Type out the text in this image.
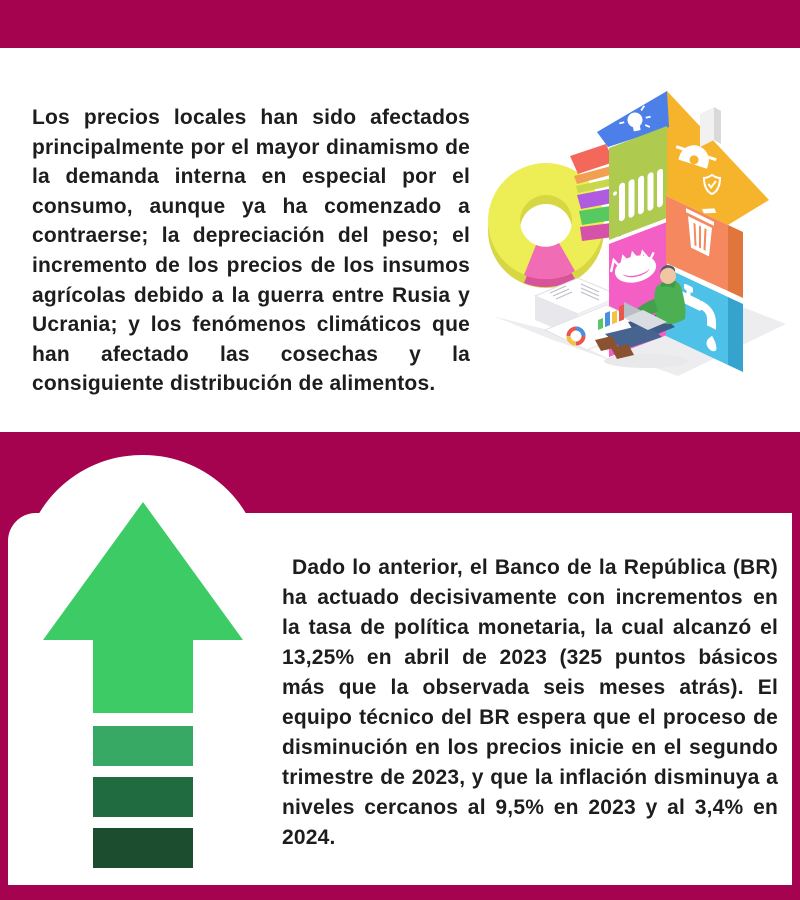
Los precios locales han sido afectados principalmente por el mayor dinamismo de la demanda interna en especial por el consumo, aunque ya ha comenzado a contraerse; la depreciación del peso; el incremento de los precios de los insumos agrícolas debido a la guerra entre Rusia y Ucrania; y los fenómenos climáticos que han afectado las cosechas y la consiguiente distribución de alimentos.

Dado lo anterior, el Banco de la República (BR) ha actuado decisivamente con incrementos en la tasa de política monetaria, la cual alcanzó el 13,25% en abril de 2023 (325 puntos básicos más que la observada seis meses atrás). El equipo técnico del BR espera que el proceso de disminución en los precios inicie en el segundo trimestre de 2023, y que la inflación disminuya a niveles cercanos al 9,5% en 2023 y al 3,4% en 2024.
